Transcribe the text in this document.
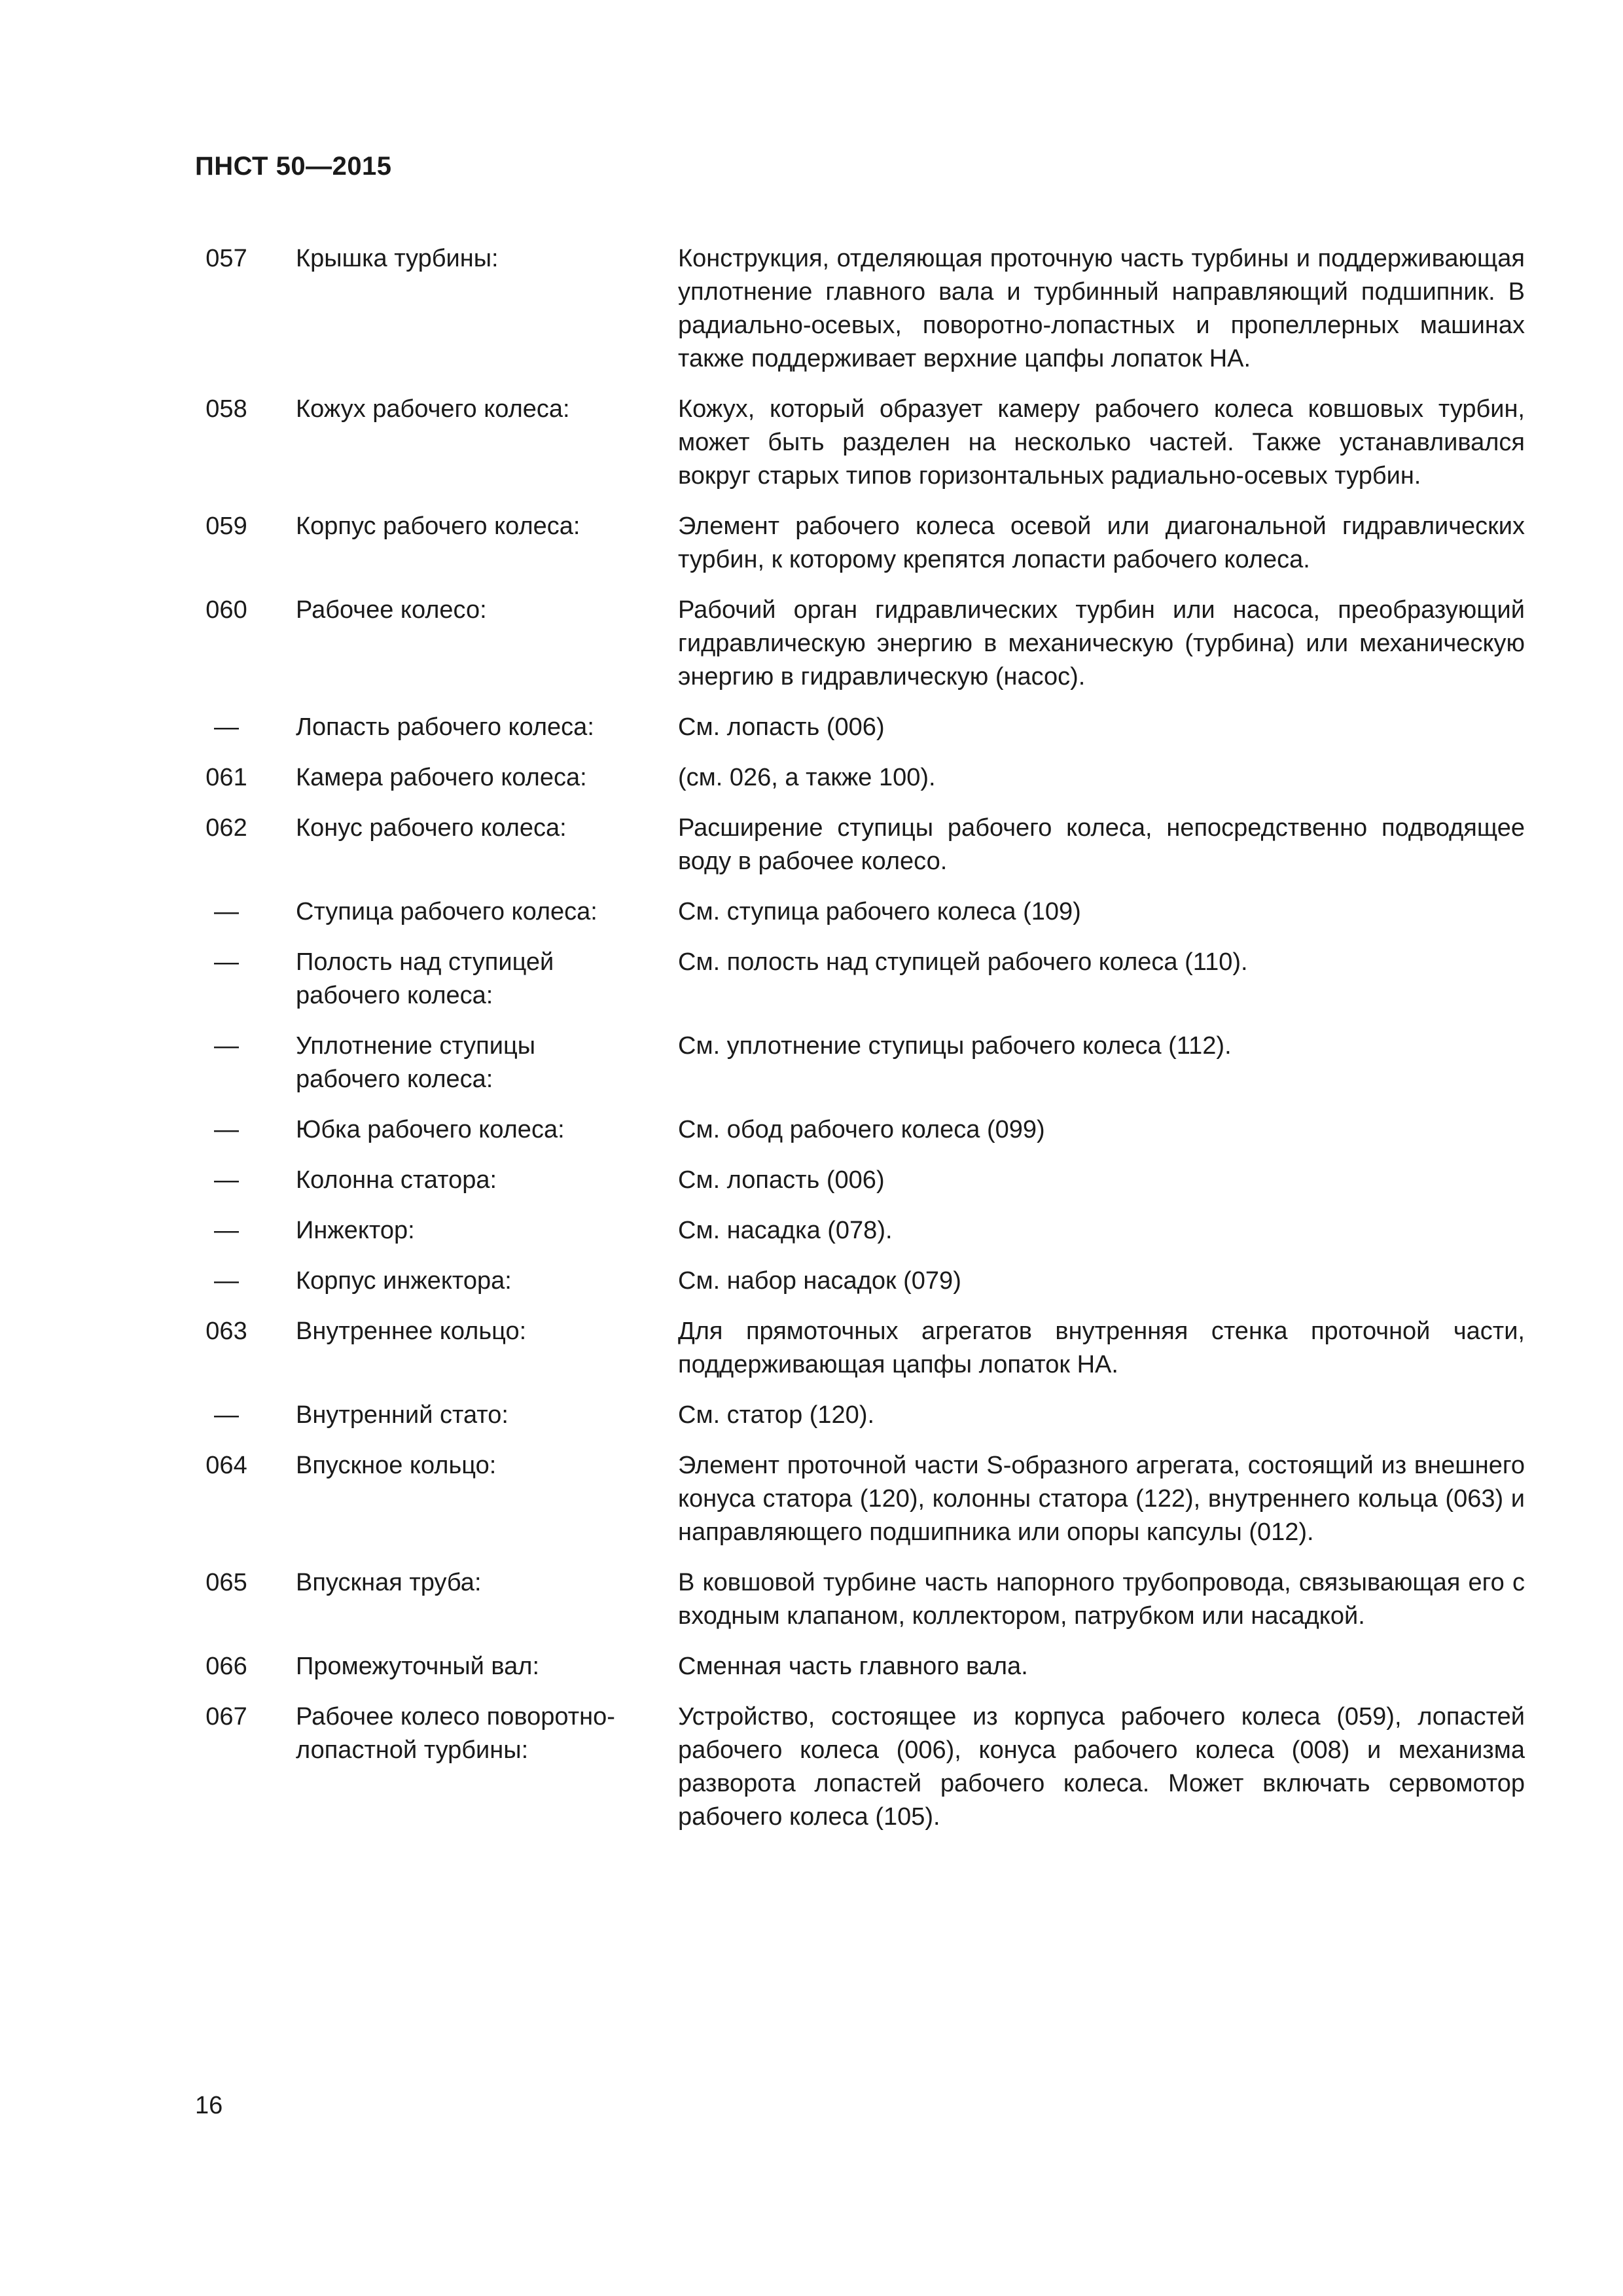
ПНСТ 50—2015
057 Крышка турбины:	Конструкция, отделяющая проточную часть турбины и поддерживающая уплотнение главного вала и турбинный направляющий подшипник. В радиально-осевых, поворотно-лопастных и пропеллерных машинах также поддерживает верхние цапфы лопаток НА.
058 Кожух рабочего колеса:	Кожух, который образует камеру рабочего колеса ковшовых турбин, может быть разделен на несколько частей. Также устанавливался вокруг старых типов горизонтальных радиально-осевых турбин.
059 Корпус рабочего колеса:	Элемент рабочего колеса осевой или диагональной гидравлических турбин, к которому крепятся лопасти рабочего колеса.
060 Рабочее колесо:	Рабочий орган гидравлических турбин или насоса, преобразующий гидравлическую энергию в механическую (турбина) или механическую энергию в гидравлическую (насос).
—	Лопасть рабочего колеса:	См. лопасть (006)
061 Камера рабочего колеса:	(см. 026, а также 100).
062 Конус рабочего колеса:	Расширение ступицы рабочего колеса, непосредственно подводящее воду в рабочее колесо.
—	Ступица рабочего колеса:	См. ступица рабочего колеса (109)
—	Полость над ступицей рабочего колеса:
См. полость над ступицей рабочего колеса (110).
—	Уплотнение ступицы рабочего колеса:
См. уплотнение ступицы рабочего колеса (112).
—	Юбка рабочего колеса:	См. обод рабочего колеса (099)
—	Колонна статора:	См. лопасть (006)
—	Инжектор:	См. насадка (078).
—	Корпус инжектора:	См. набор насадок (079)
063 Внутреннее кольцо:	Для прямоточных агрегатов внутренняя стенка проточной части, поддерживающая цапфы лопаток НА.
—	Внутренний стато:	См. статор (120).
064 Впускное кольцо:	Элемент проточной части S-образного агрегата, состоящий из внешнего конуса статора (120), колонны статора (122), внутреннего кольца (063) и направляющего подшипника или опоры капсулы (012).
065 Впускная труба:	В ковшовой турбине часть напорного трубопровода, связывающая его с входным клапаном, коллектором, патрубком или насадкой.
066 Промежуточный вал:	Сменная часть главного вала.
067 Рабочее колесо поворотно-лопастной турбины:
Устройство, состоящее из корпуса рабочего колеса (059), лопастей рабочего колеса (006), конуса рабочего колеса (008) и механизма разворота лопастей рабочего колеса. Может включать сервомотор рабочего колеса (105).
16
